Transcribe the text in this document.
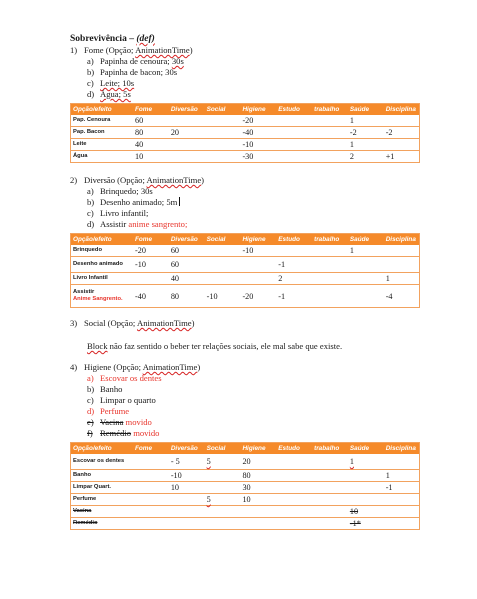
Sobrevivência – (def)
1) Fome (Opção; AnimationTime)
a) Papinha de cenoura; 30s
b) Papinha de bacon; 30s
c) Leite; 10s
d) Água; 5s
Opção/efeito	Fome	Diversão	Social	Higiene	Estudo	trabalho	Saúde	Disciplina
Pap. Cenoura	60			-20			1	
Pap. Bacon	80	20		-40			-2	-2
Leite	40			-10			1	
Água	10			-30			2	+1
2) Diversão (Opção; AnimationTime)
a) Brinquedo; 30s
b) Desenho animado; 5m
c) Livro infantil;
d) Assistir anime sangrento;
Opção/efeito	Fome	Diversão	Social	Higiene	Estudo	trabalho	Saúde	Disciplina
Brinquedo	-20	60		-10			1	
Desenho animado	-10	60			-1			
Livro Infantil		40			2			1
Assistir
Anime Sangrento.	-40	80	-10	-20	-1			-4
3) Social (Opção; AnimationTime)
Block não faz sentido o beber ter relações sociais, ele mal sabe que existe.
4) Higiene (Opção; AnimationTime)
a) Escovar os dentes
b) Banho
c) Limpar o quarto
d) Perfume
e) Vacina movido
f) Remédio movido
Opção/efeito	Fome	Diversão	Social	Higiene	Estudo	trabalho	Saúde	Disciplina
Escovar os dentes		- 5	5	20			1	
Banho		-10		80				1
Limpar Quart.		10		30				-1
Perfume			5	10				
Vacina							10	
Remédio							-1*	
